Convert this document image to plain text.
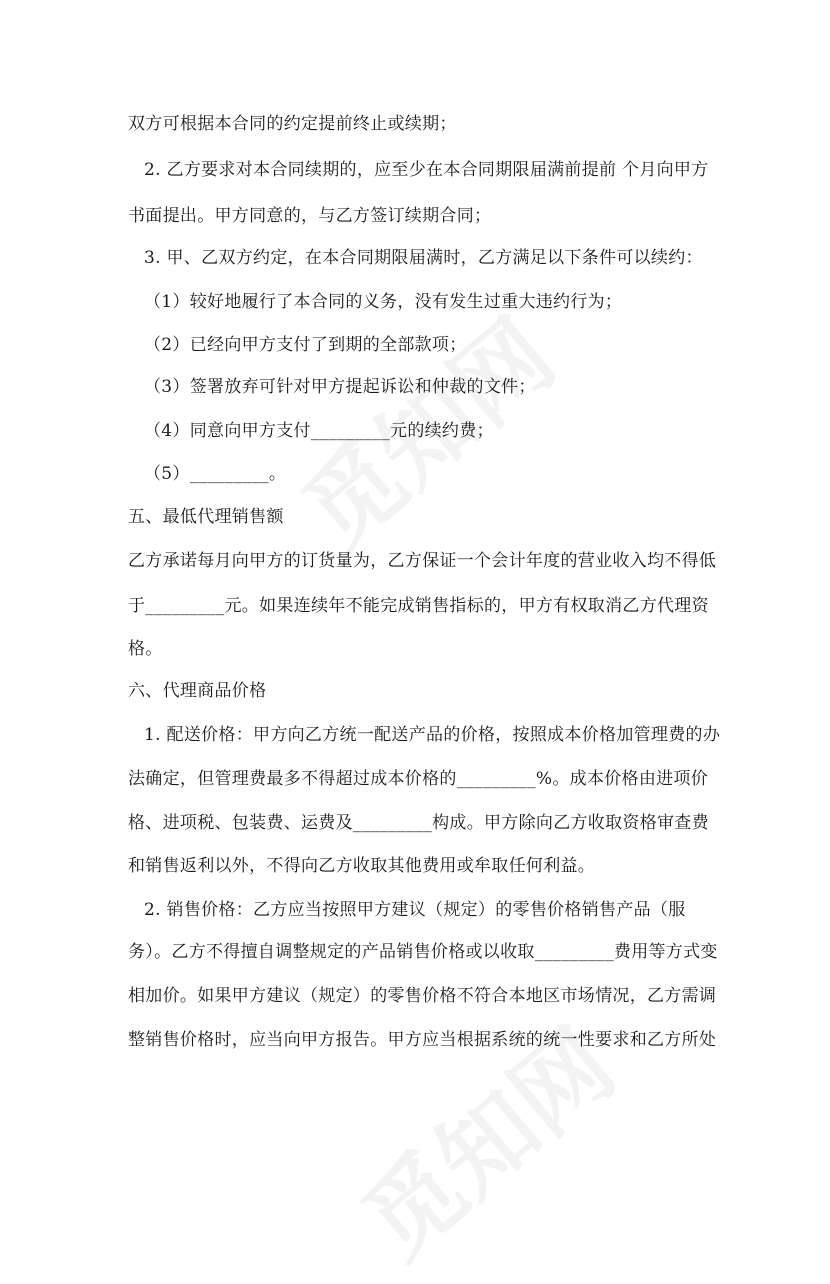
双方可根据本合同的约定提前终止或续期；
2. 乙方要求对本合同续期的，应至少在本合同期限届满前提前 个月向甲方
书面提出。甲方同意的，与乙方签订续期合同；
3. 甲、乙双方约定，在本合同期限届满时，乙方满足以下条件可以续约：
（1）较好地履行了本合同的义务，没有发生过重大违约行为；
（2）已经向甲方支付了到期的全部款项；
（3）签署放弃可针对甲方提起诉讼和仲裁的文件；
（4）同意向甲方支付_________元的续约费；
（5）_________。
五、最低代理销售额
乙方承诺每月向甲方的订货量为，乙方保证一个会计年度的营业收入均不得低
于_________元。如果连续年不能完成销售指标的，甲方有权取消乙方代理资
格。
六、代理商品价格
1. 配送价格：甲方向乙方统一配送产品的价格，按照成本价格加管理费的办
法确定，但管理费最多不得超过成本价格的_________%。成本价格由进项价
格、进项税、包装费、运费及_________构成。甲方除向乙方收取资格审查费
和销售返利以外，不得向乙方收取其他费用或牟取任何利益。
2. 销售价格：乙方应当按照甲方建议（规定）的零售价格销售产品（服
务）。乙方不得擅自调整规定的产品销售价格或以收取_________费用等方式变
相加价。如果甲方建议（规定）的零售价格不符合本地区市场情况，乙方需调
整销售价格时，应当向甲方报告。甲方应当根据系统的统一性要求和乙方所处
